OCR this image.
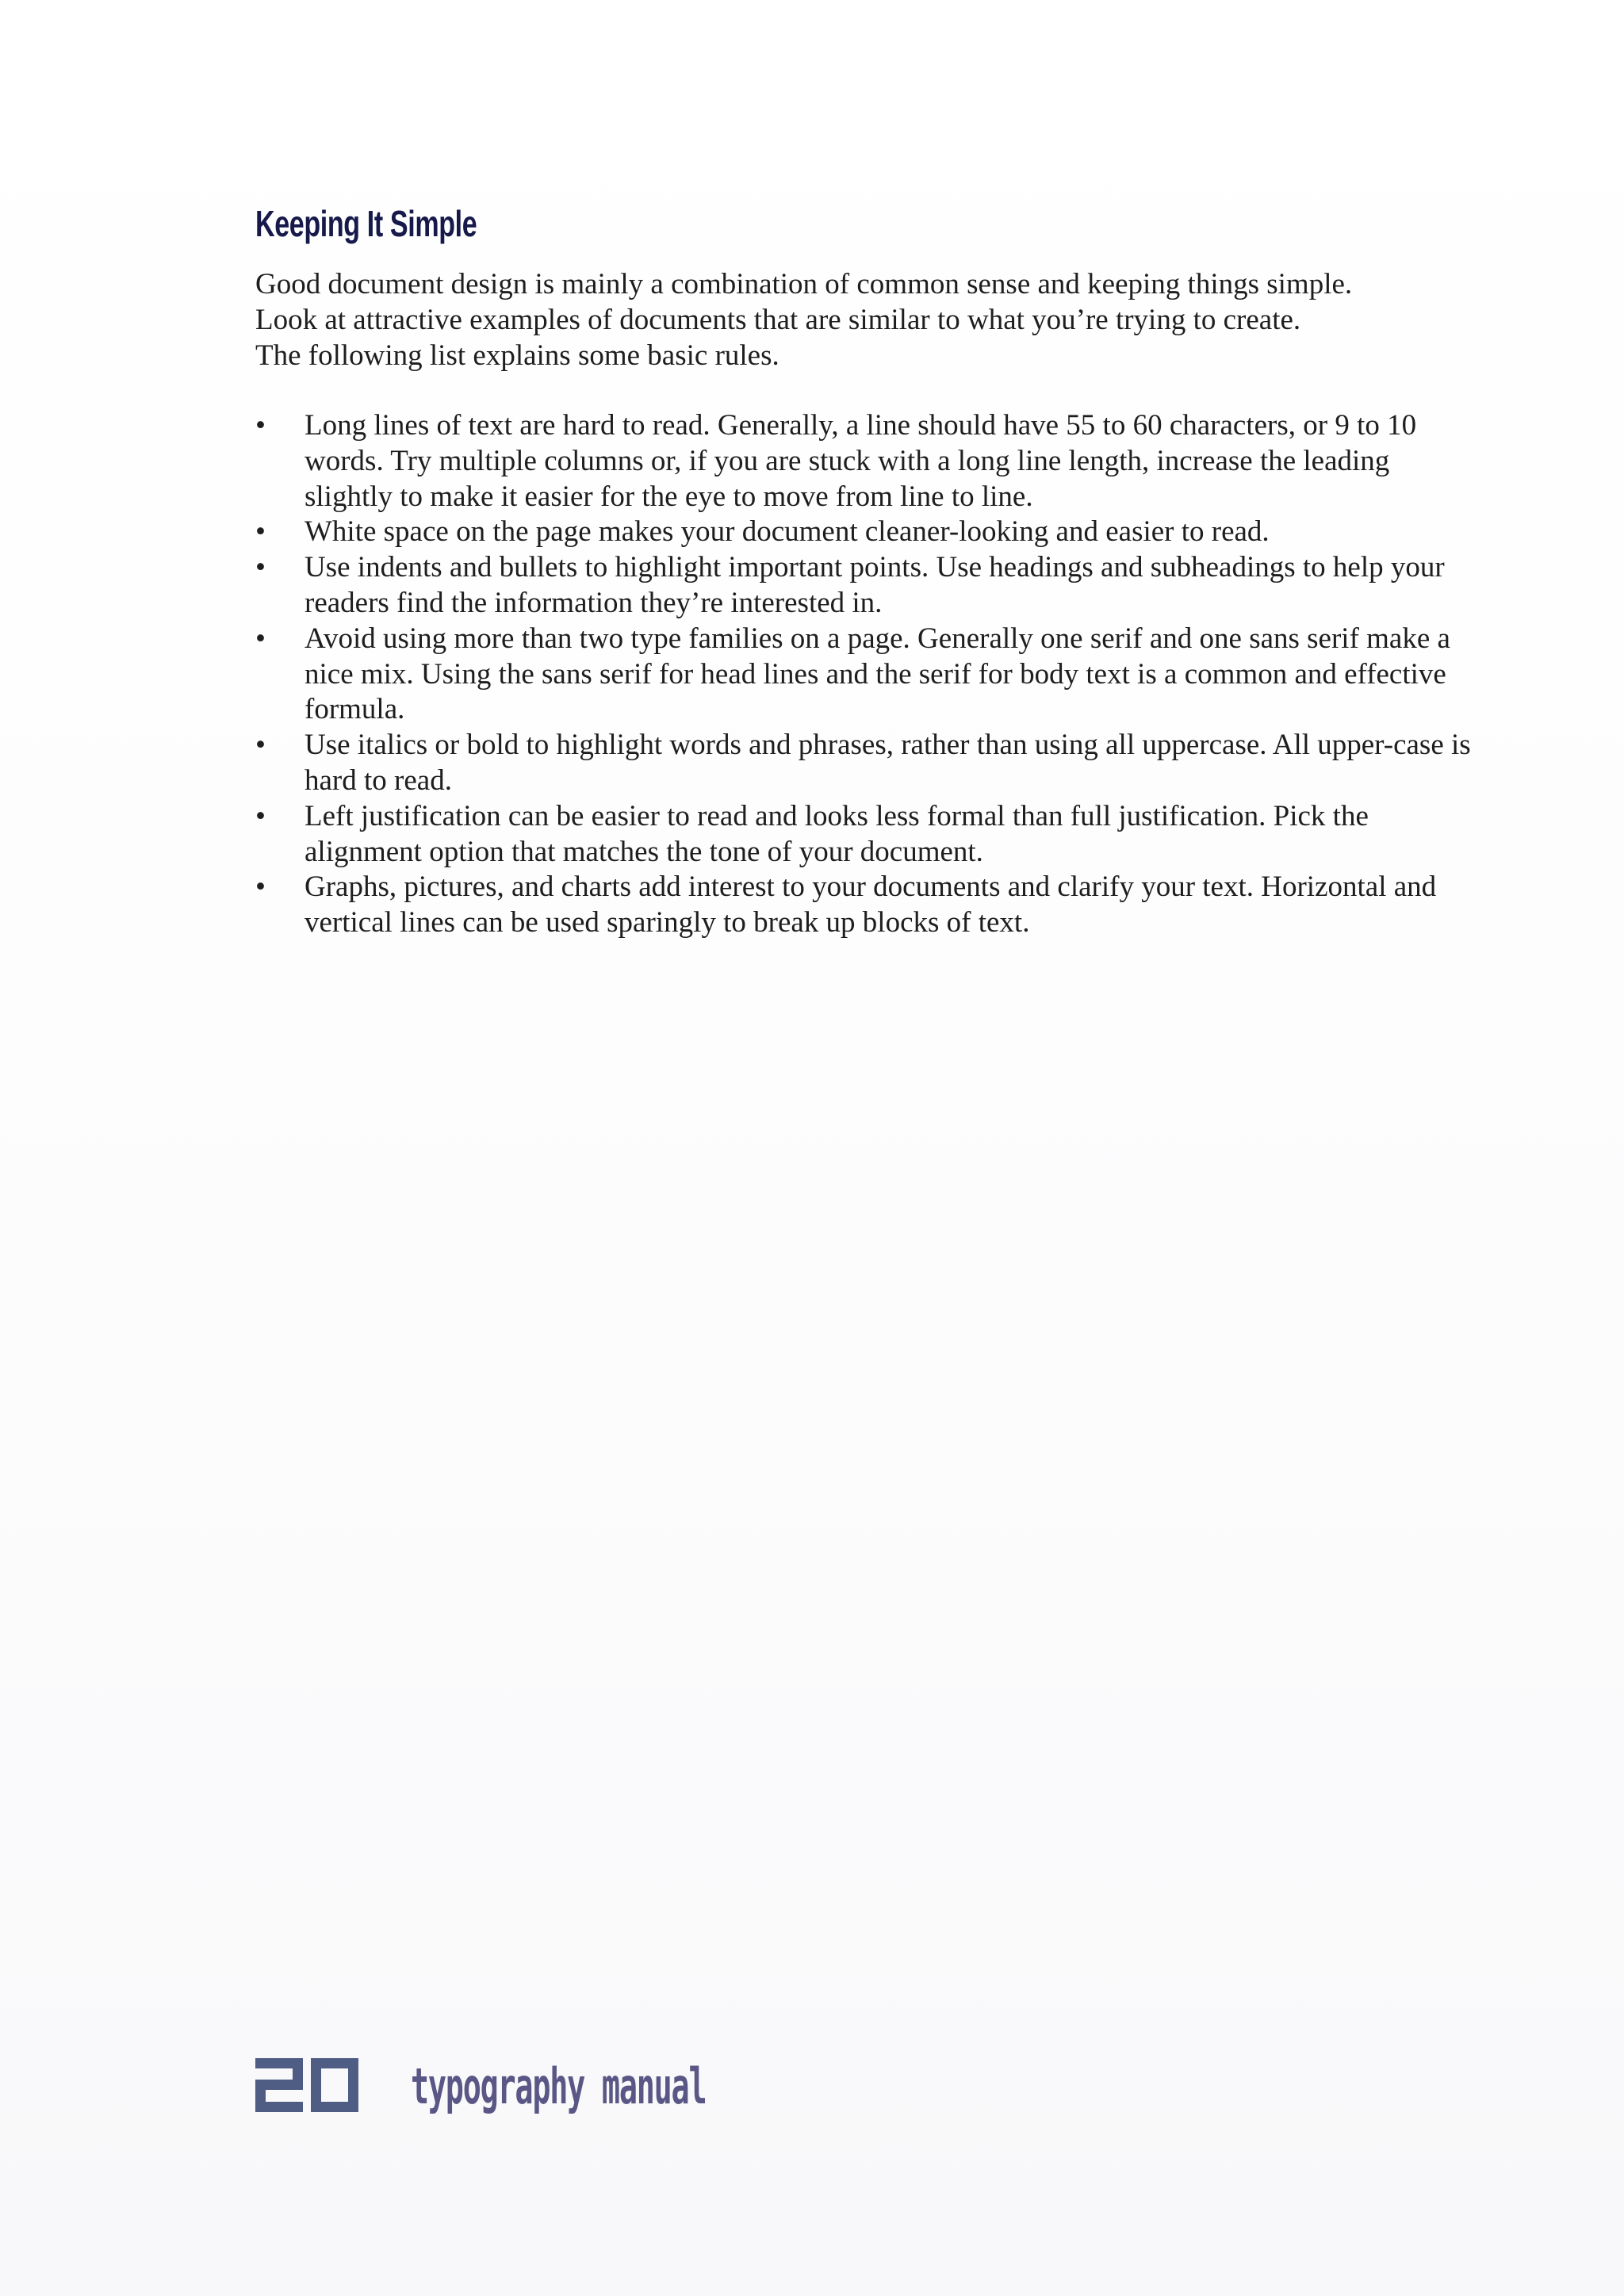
Keeping It Simple

Good document design is mainly a combination of common sense and keeping things simple.
Look at attractive examples of documents that are similar to what you’re trying to create.
The following list explains some basic rules.

•	Long lines of text are hard to read. Generally, a line should have 55 to 60 characters, or 9 to 10 words. Try multiple columns or, if you are stuck with a long line length, increase the leading slightly to make it easier for the eye to move from line to line.
•	White space on the page makes your document cleaner-looking and easier to read.
•	Use indents and bullets to highlight important points. Use headings and subheadings to help your readers find the information they’re interested in.
•	Avoid using more than two type families on a page. Generally one serif and one sans serif make a nice mix. Using the sans serif for head lines and the serif for body text is a common and effective formula.
•	Use italics or bold to highlight words and phrases, rather than using all uppercase. All upper-case is hard to read.
•	Left justification can be easier to read and looks less formal than full justification. Pick the alignment option that matches the tone of your document.
•	Graphs, pictures, and charts add interest to your documents and clarify your text. Horizontal and vertical lines can be used sparingly to break up blocks of text.
typography manual
